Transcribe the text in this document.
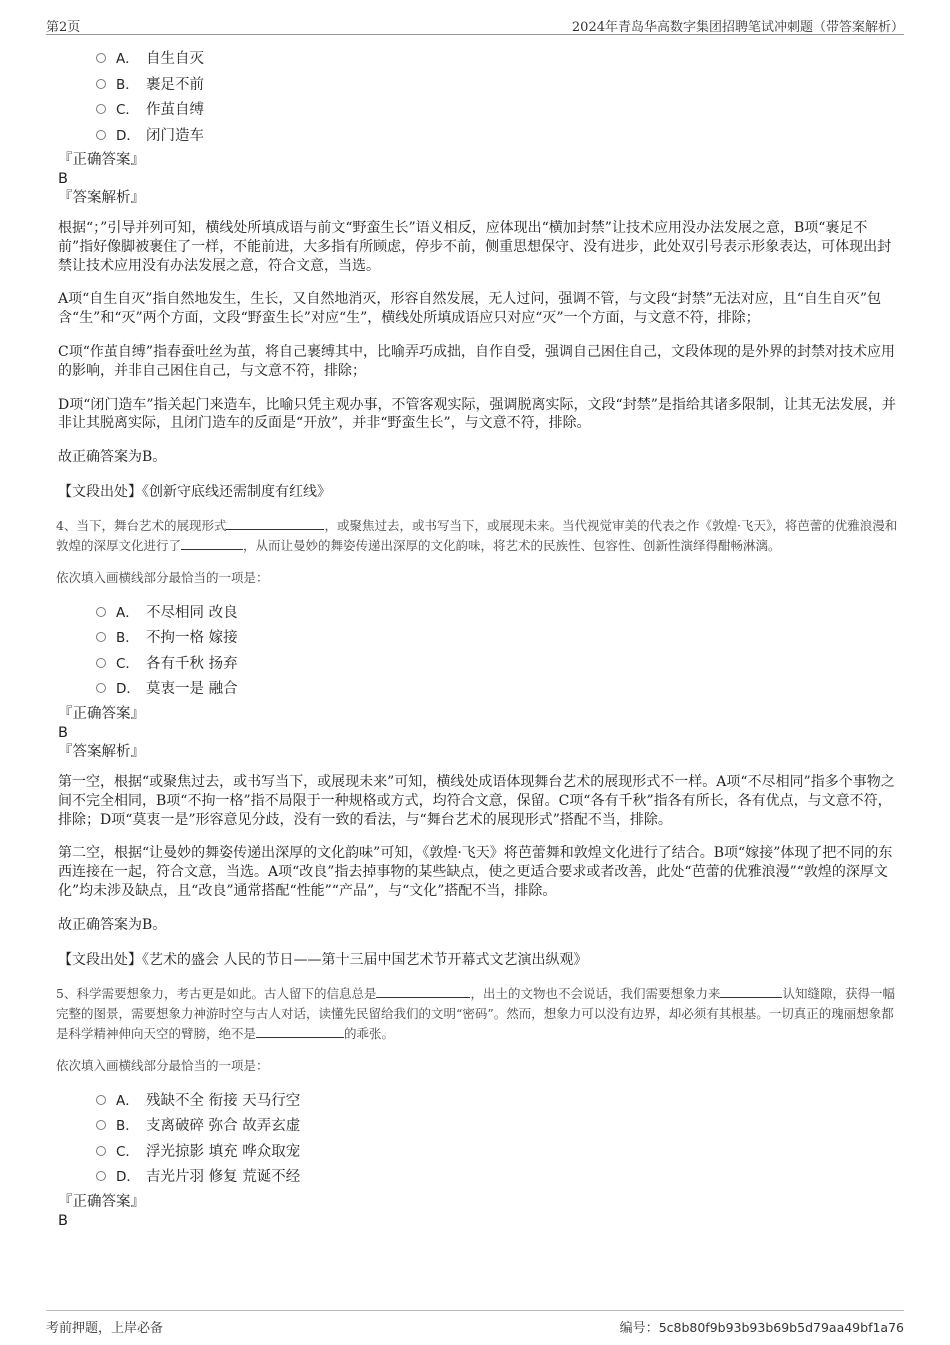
第2页	2024年青岛华高数字集团招聘笔试冲刺题（带答案解析）
A． 自生自灭
B． 裹足不前
C． 作茧自缚
D． 闭门造车
『正确答案』
B
『答案解析』

根据“；”引导并列可知，横线处所填成语与前文“野蛮生长”语义相反，应体现出“横加封禁”让技术应用没办法发展之意，B项“裹足不前”指好像脚被裹住了一样，不能前进，大多指有所顾虑，停步不前，侧重思想保守、没有进步，此处双引号表示形象表达，可体现出封禁让技术应用没有办法发展之意，符合文意，当选。

A项“自生自灭”指自然地发生，生长，又自然地消灭，形容自然发展，无人过问，强调不管，与文段“封禁”无法对应，且“自生自灭”包含“生”和“灭”两个方面，文段“野蛮生长”对应“生”，横线处所填成语应只对应“灭”一个方面，与文意不符，排除；

C项“作茧自缚”指春蚕吐丝为茧，将自己裹缚其中，比喻弄巧成拙，自作自受，强调自己困住自己，文段体现的是外界的封禁对技术应用的影响，并非自己困住自己，与文意不符，排除；

D项“闭门造车”指关起门来造车，比喻只凭主观办事，不管客观实际，强调脱离实际，文段“封禁”是指给其诸多限制，让其无法发展，并非让其脱离实际，且闭门造车的反面是“开放”，并非“野蛮生长”，与文意不符，排除。

故正确答案为B。

【文段出处】《创新守底线还需制度有红线》

4、当下，舞台艺术的展现形式	，或聚焦过去，或书写当下，或展现未来。当代视觉审美的代表之作《敦煌·飞天》，将芭蕾的优雅浪漫和敦煌的深厚文化进行了	，从而让曼妙的舞姿传递出深厚的文化韵味，将艺术的民族性、包容性、创新性演绎得酣畅淋漓。

依次填入画横线部分最恰当的一项是：

A． 不尽相同 改良
B． 不拘一格 嫁接
C． 各有千秋 扬弃
D． 莫衷一是 融合
『正确答案』
B
『答案解析』

第一空，根据“或聚焦过去，或书写当下，或展现未来”可知，横线处成语体现舞台艺术的展现形式不一样。A项“不尽相同”指多个事物之间不完全相同，B项“不拘一格”指不局限于一种规格或方式，均符合文意，保留。C项“各有千秋”指各有所长，各有优点，与文意不符，排除；D项“莫衷一是”形容意见分歧，没有一致的看法，与“舞台艺术的展现形式”搭配不当，排除。

第二空，根据“让曼妙的舞姿传递出深厚的文化韵味”可知，《敦煌·飞天》将芭蕾舞和敦煌文化进行了结合。B项“嫁接”体现了把不同的东西连接在一起，符合文意，当选。A项“改良”指去掉事物的某些缺点，使之更适合要求或者改善，此处“芭蕾的优雅浪漫”“敦煌的深厚文化”均未涉及缺点，且“改良”通常搭配“性能”“产品”，与“文化”搭配不当，排除。

故正确答案为B。

【文段出处】《艺术的盛会 人民的节日——第十三届中国艺术节开幕式文艺演出纵观》

5、科学需要想象力，考古更是如此。古人留下的信息总是	，出土的文物也不会说话，我们需要想象力来	认知缝隙，获得一幅完整的图景，需要想象力神游时空与古人对话，读懂先民留给我们的文明“密码”。然而，想象力可以没有边界，却必须有其根基。一切真正的瑰丽想象都是科学精神伸向天空的臂膀，绝不是	的乖张。

依次填入画横线部分最恰当的一项是：

A． 残缺不全 衔接 天马行空
B． 支离破碎 弥合 故弄玄虚
C． 浮光掠影 填充 哗众取宠
D． 吉光片羽 修复 荒诞不经
『正确答案』
B
考前押题，上岸必备	编号：5c8b80f9b93b93b69b5d79aa49bf1a76
